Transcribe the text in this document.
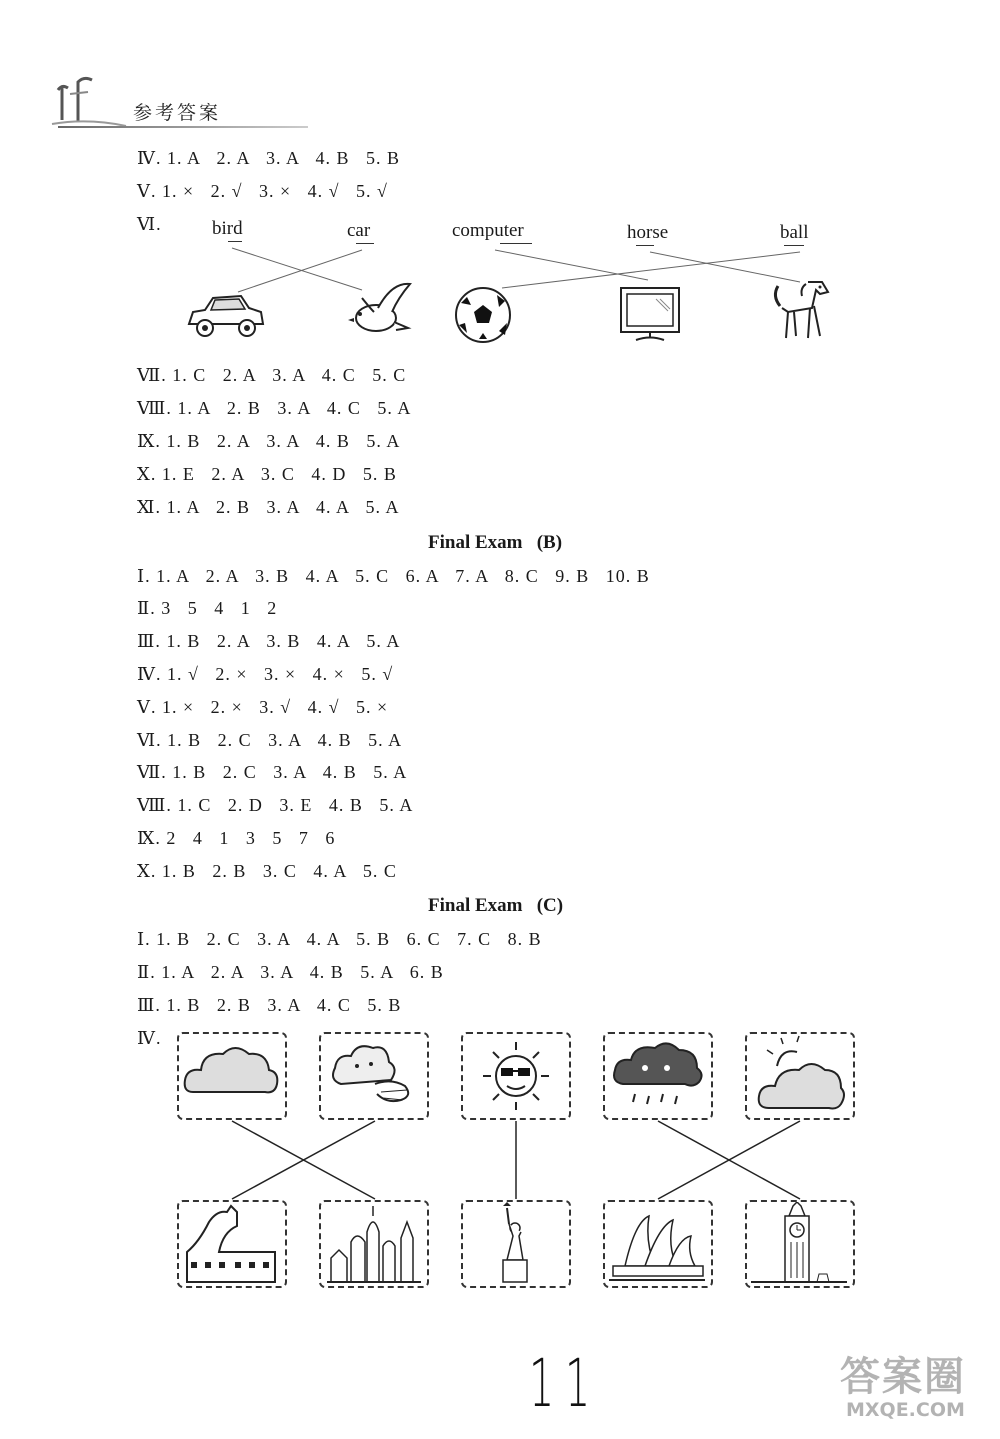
参考答案
Ⅳ. 1. A   2. A   3. A   4. B   5. B
Ⅴ. 1. ×   2. √   3. ×   4. √   5. √
Ⅵ.	bird	car	computer	horse	ball
Ⅶ. 1. C   2. A   3. A   4. C   5. C
Ⅷ. 1. A   2. B   3. A   4. C   5. A
Ⅸ. 1. B   2. A   3. A   4. B   5. A
Ⅹ. 1. E   2. A   3. C   4. D   5. B
Ⅺ. 1. A   2. B   3. A   4. A   5. A
Final Exam   (B)
Ⅰ. 1. A   2. A   3. B   4. A   5. C   6. A   7. A   8. C   9. B   10. B
Ⅱ. 3   5   4   1   2
Ⅲ. 1. B   2. A   3. B   4. A   5. A
Ⅳ. 1. √   2. ×   3. ×   4. ×   5. √
Ⅴ. 1. ×   2. ×   3. √   4. √   5. ×
Ⅵ. 1. B   2. C   3. A   4. B   5. A
Ⅶ. 1. B   2. C   3. A   4. B   5. A
Ⅷ. 1. C   2. D   3. E   4. B   5. A
Ⅸ. 2   4   1   3   5   7   6
Ⅹ. 1. B   2. B   3. C   4. A   5. C
Final Exam   (C)
Ⅰ. 1. B   2. C   3. A   4. A   5. B   6. C   7. C   8. B
Ⅱ. 1. A   2. A   3. A   4. B   5. A   6. B
Ⅲ. 1. B   2. B   3. A   4. C   5. B
Ⅳ.
11	答案圈
MXQE.COM
